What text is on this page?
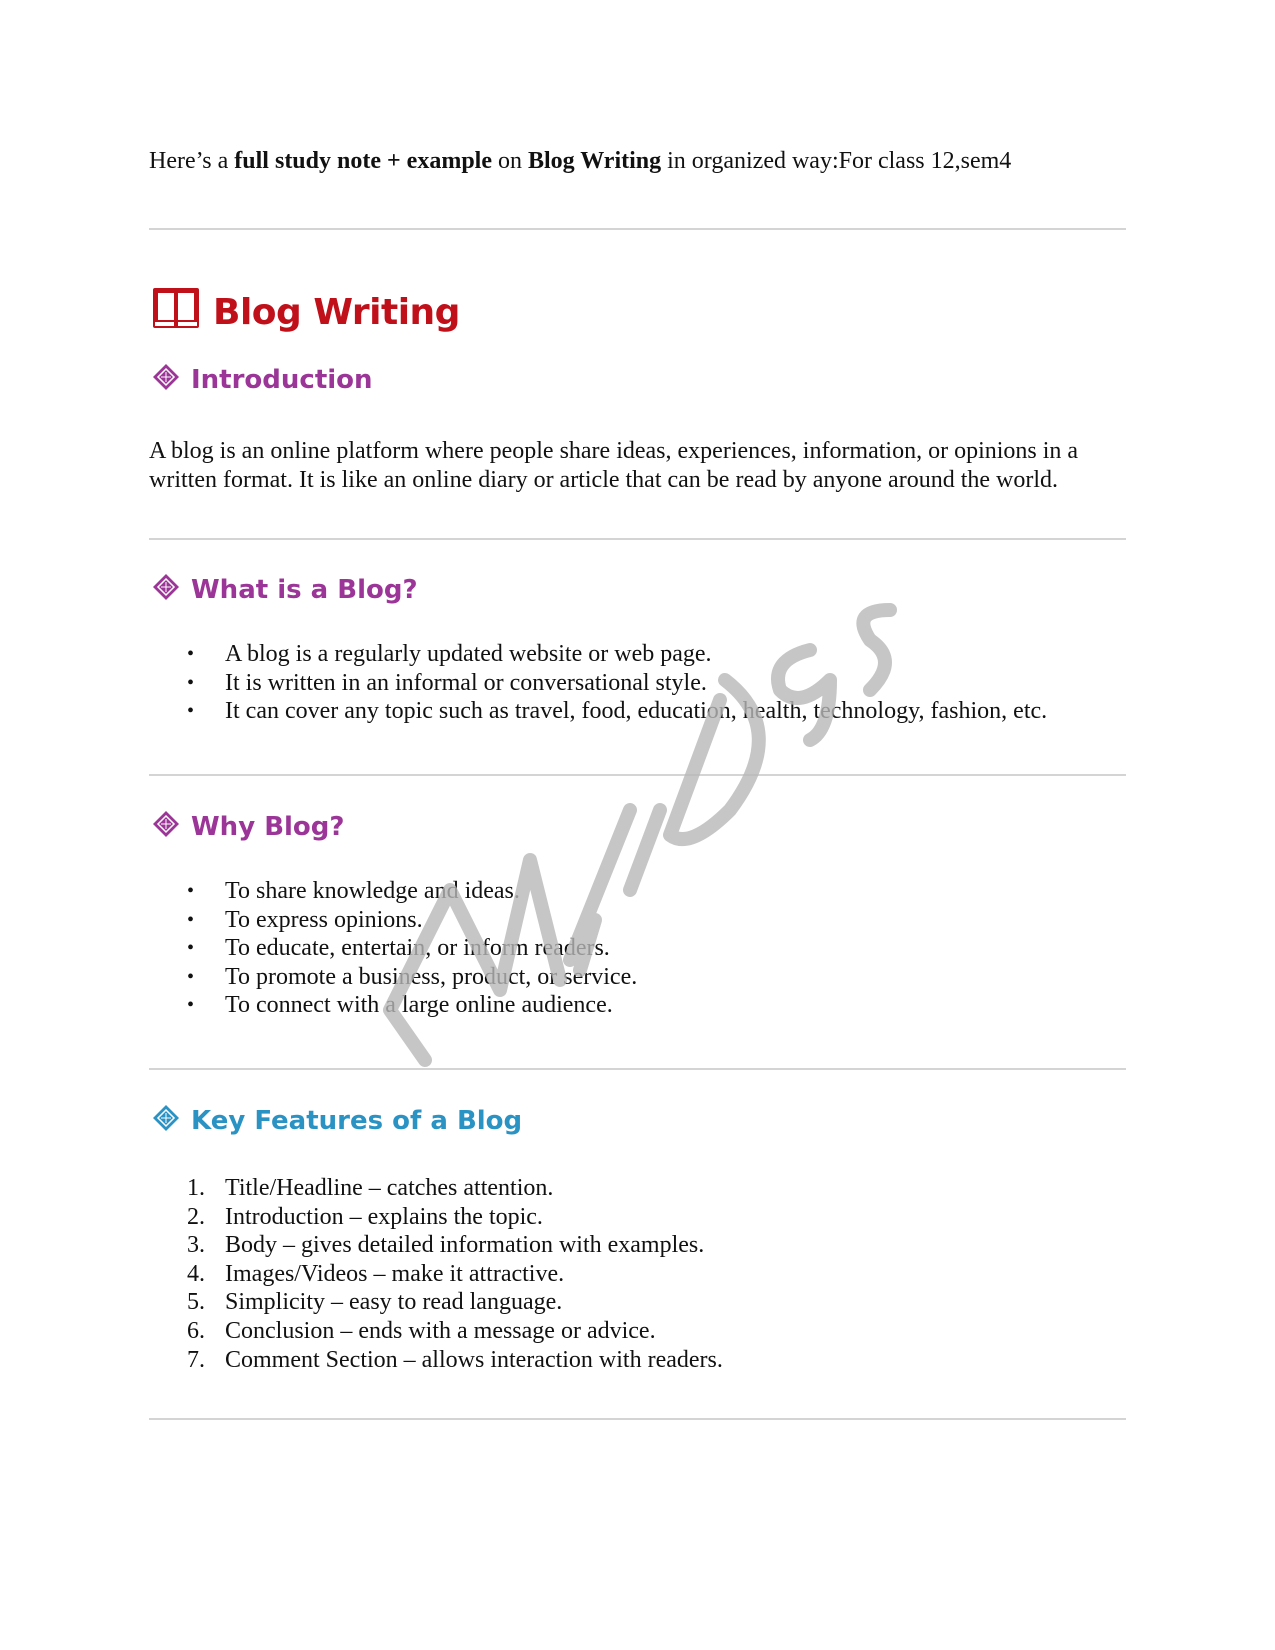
Here’s a full study note + example on Blog Writing in organized way:For class 12,sem4
Blog Writing
Introduction
A blog is an online platform where people share ideas, experiences, information, or opinions in a written format. It is like an online diary or article that can be read by anyone around the world.
What is a Blog?
• A blog is a regularly updated website or web page.
• It is written in an informal or conversational style.
• It can cover any topic such as travel, food, education, health, technology, fashion, etc.
Why Blog?
• To share knowledge and ideas.
• To express opinions.
• To educate, entertain, or inform readers.
• To promote a business, product, or service.
• To connect with a large online audience.
Key Features of a Blog
1. Title/Headline – catches attention.
2. Introduction – explains the topic.
3. Body – gives detailed information with examples.
4. Images/Videos – make it attractive.
5. Simplicity – easy to read language.
6. Conclusion – ends with a message or advice.
7. Comment Section – allows interaction with readers.
